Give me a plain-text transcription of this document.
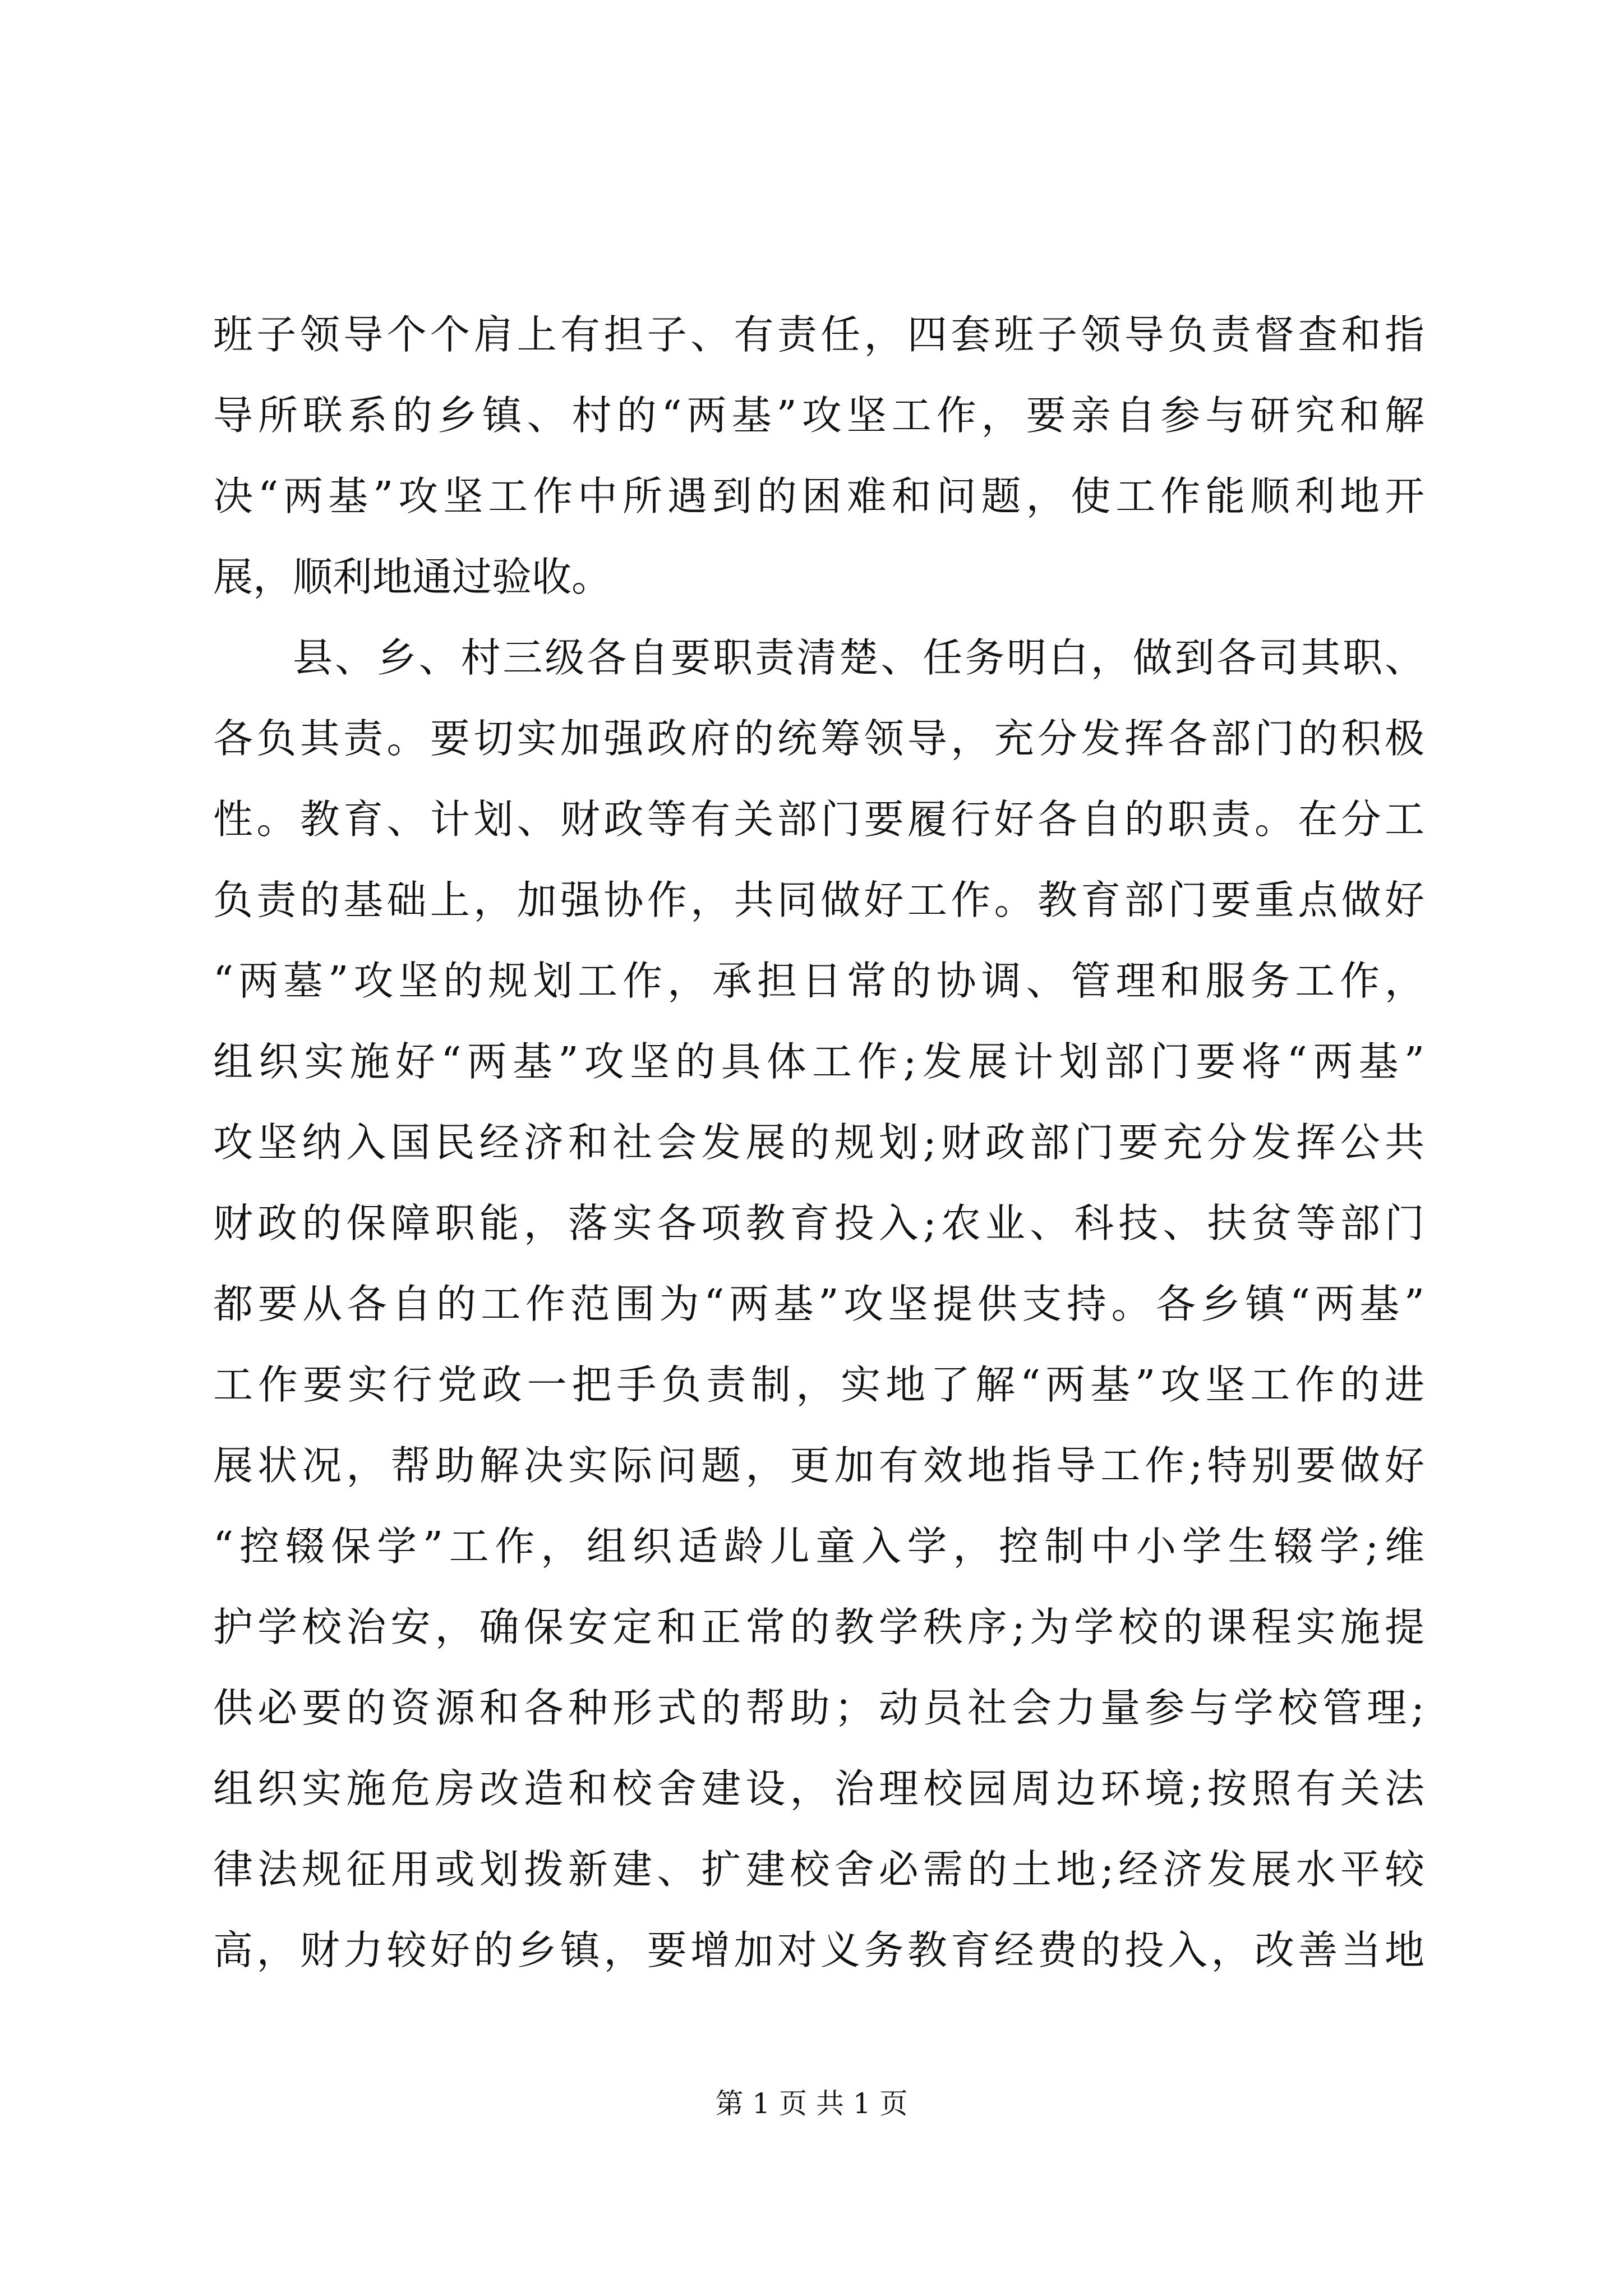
班子领导个个肩上有担子、有责任，四套班子领导负责督查和指
导所联系的乡镇、村的“两基”攻坚工作，要亲自参与研究和解
决“两基”攻坚工作中所遇到的困难和问题，使工作能顺利地开
展，顺利地通过验收。
县、乡、村三级各自要职责清楚、任务明白，做到各司其职、
各负其责。要切实加强政府的统筹领导，充分发挥各部门的积极
性。教育、计划、财政等有关部门要履行好各自的职责。在分工
负责的基础上，加强协作，共同做好工作。教育部门要重点做好
“两墓”攻坚的规划工作，承担日常的协调、管理和服务工作，
组织实施好“两基”攻坚的具体工作;发展计划部门要将“两基”
攻坚纳入国民经济和社会发展的规划;财政部门要充分发挥公共
财政的保障职能，落实各项教育投入;农业、科技、扶贫等部门
都要从各自的工作范围为“两基”攻坚提供支持。各乡镇“两基”
工作要实行党政一把手负责制，实地了解“两基”攻坚工作的进
展状况，帮助解决实际问题，更加有效地指导工作;特别要做好
“控辍保学”工作，组织适龄儿童入学，控制中小学生辍学;维
护学校治安，确保安定和正常的教学秩序;为学校的课程实施提
供必要的资源和各种形式的帮助；动员社会力量参与学校管理;
组织实施危房改造和校舍建设，治理校园周边环境;按照有关法
律法规征用或划拨新建、扩建校舍必需的土地;经济发展水平较
高，财力较好的乡镇，要增加对义务教育经费的投入，改善当地
第 1 页 共 1 页
